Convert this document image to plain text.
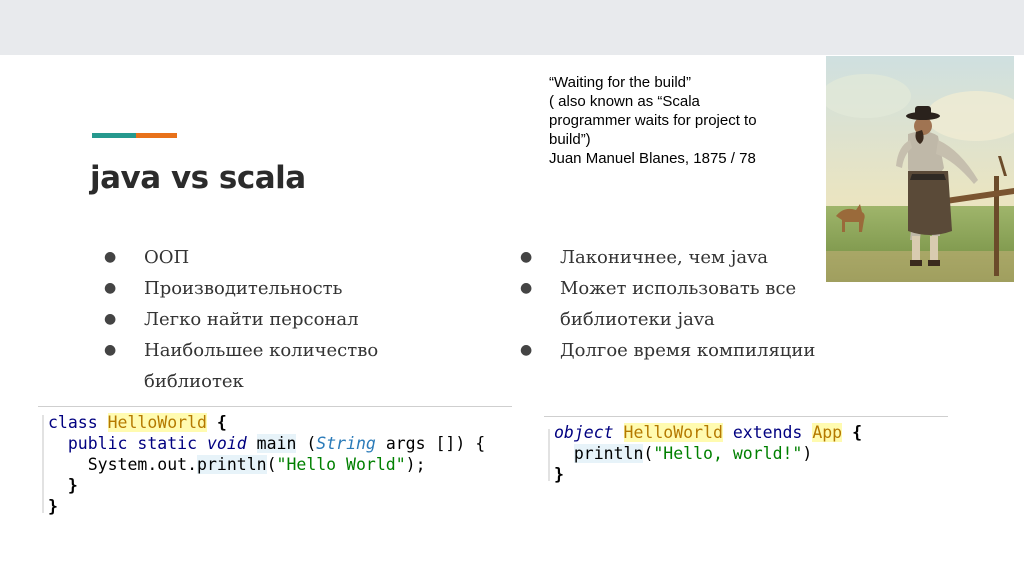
java vs scala
“Waiting for the build”
( also known as “Scala
programmer waits for project to
build”)
Juan Manuel Blanes, 1875 / 78
● ООП
● Производительность
● Легко найти персонал
● Наибольшее количество библиотек
● Лаконичнее, чем java
● Может использовать все библиотеки java
● Долгое время компиляции

class HelloWorld {
public static void main (String args []) {
System.out.println("Hello World");
}
}

object HelloWorld extends App {
println("Hello, world!")
}
